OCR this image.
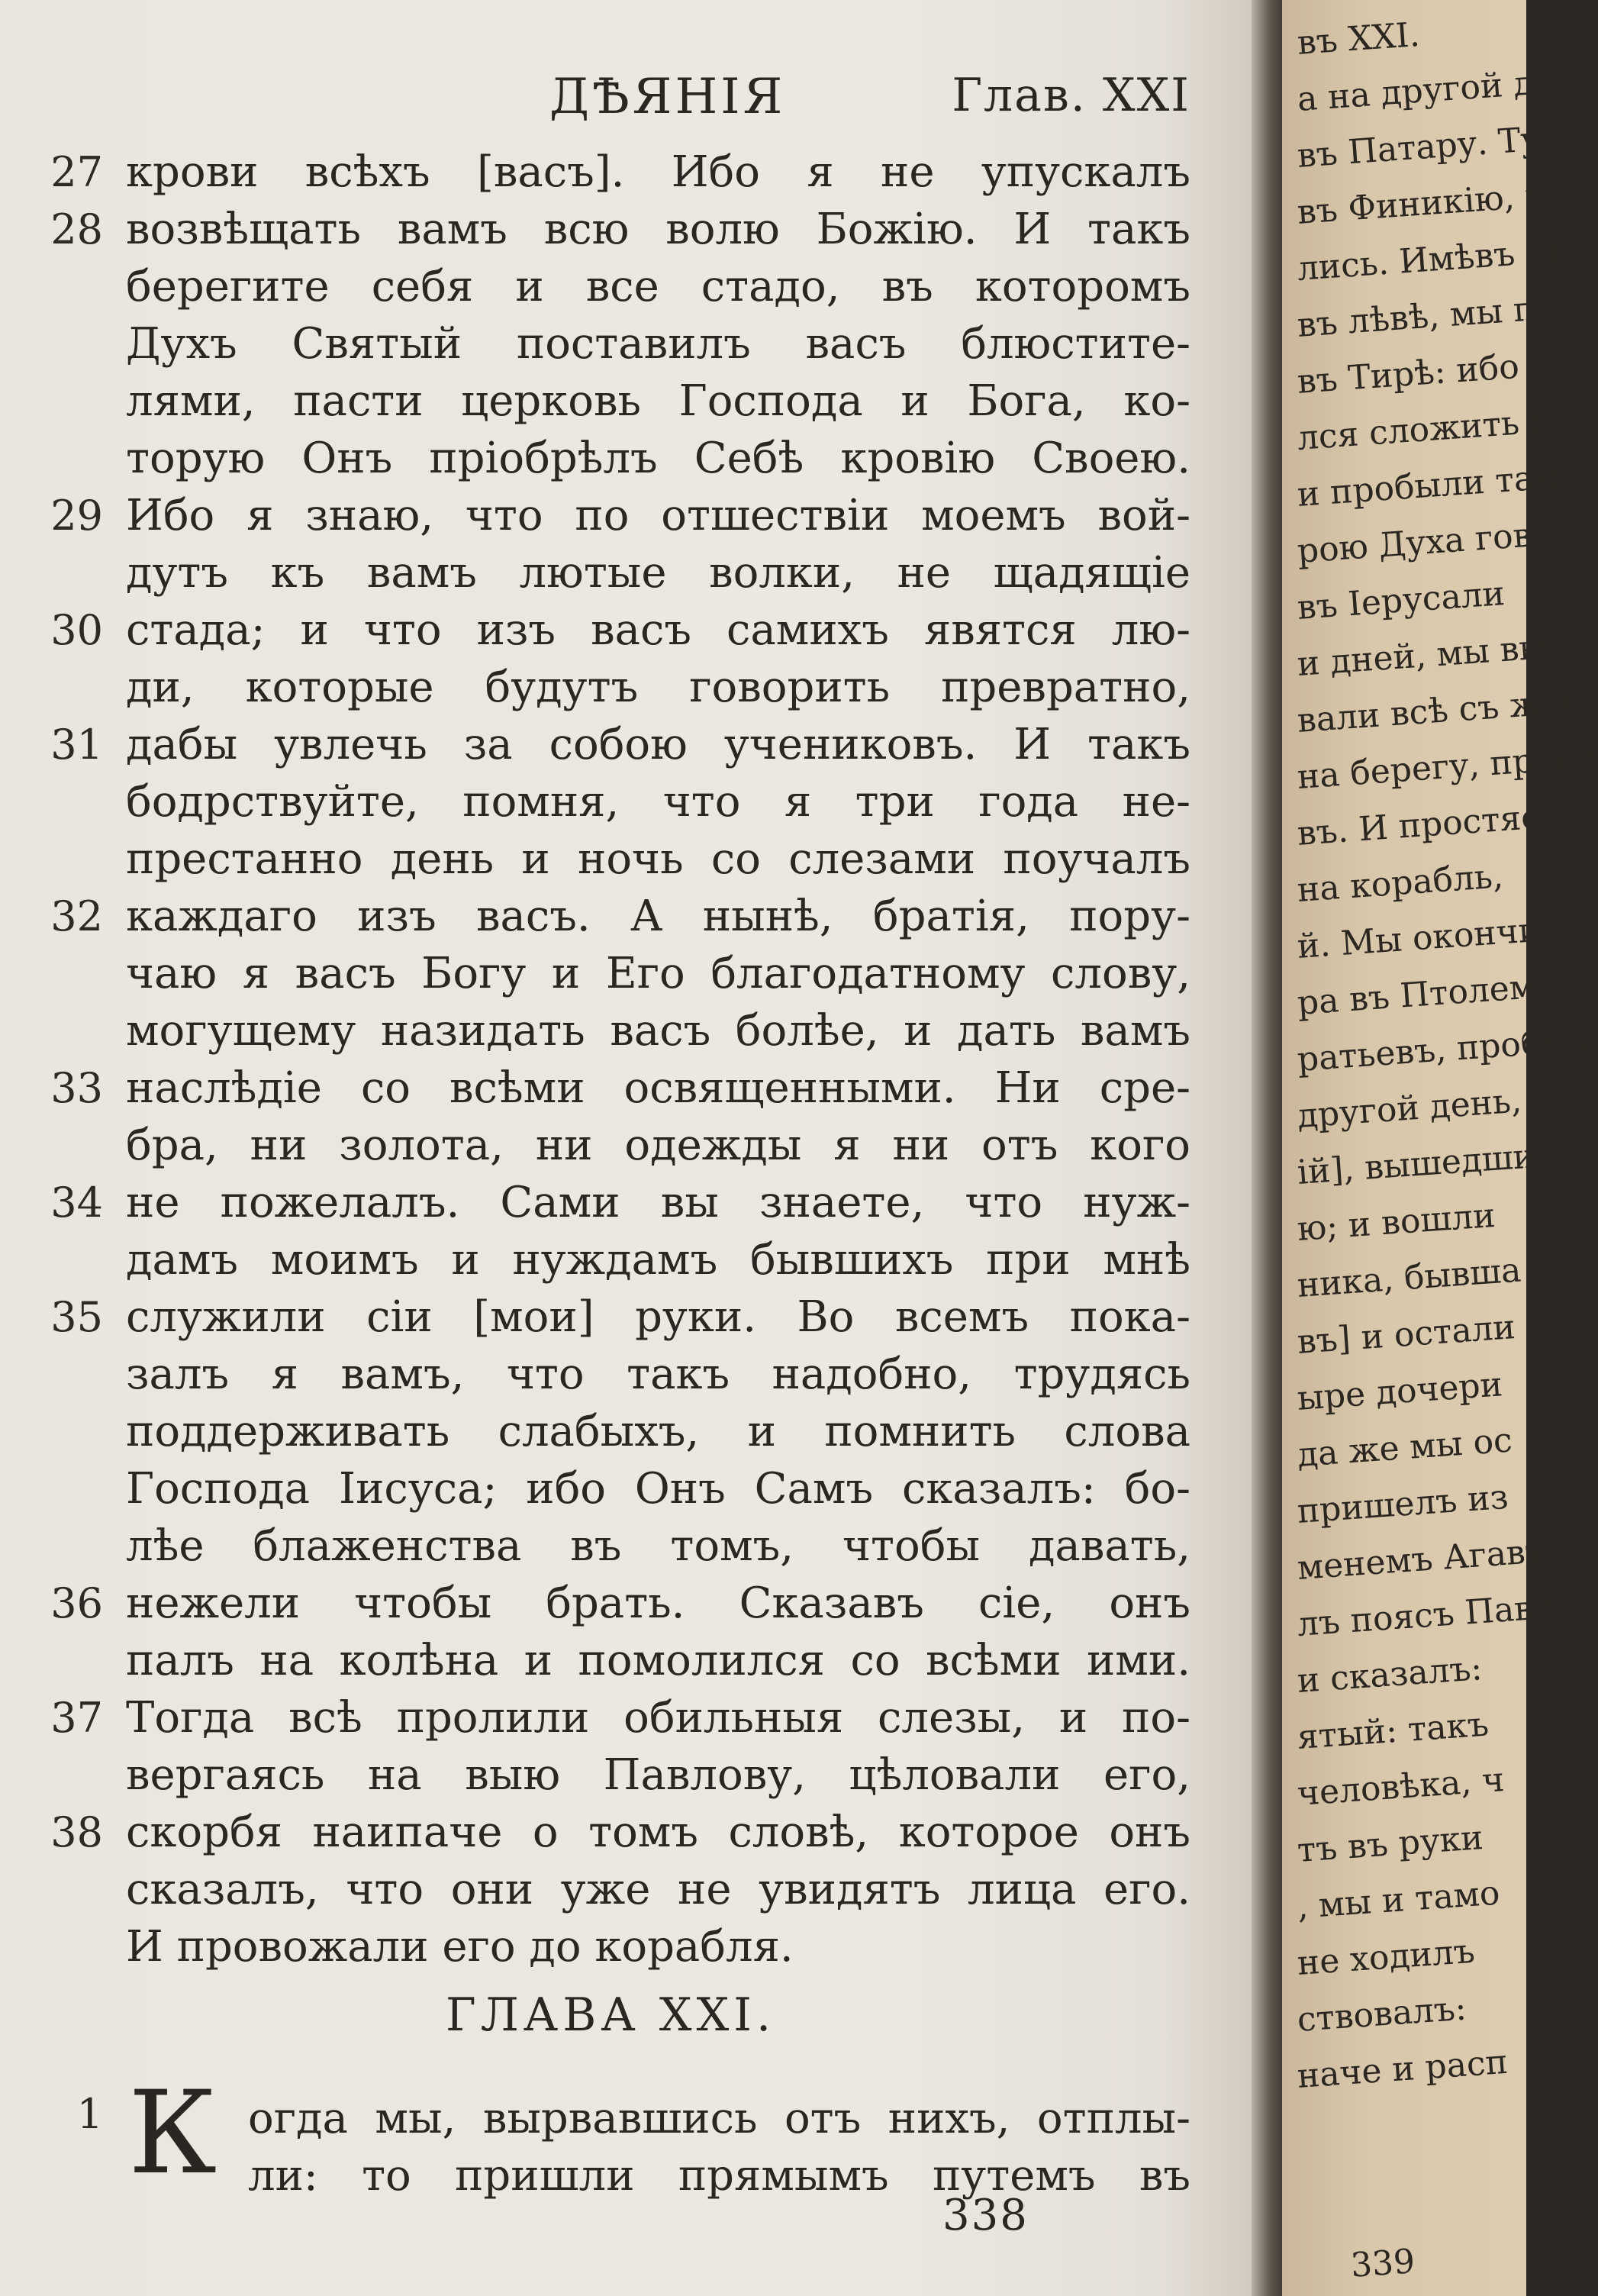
ДѢЯНІЯ	Глав. XXI
27 крови всѣхъ [васъ]. Ибо я не упускалъ
28 возвѣщать вамъ всю волю Божію. И такъ
берегите себя и все стадо, въ которомъ
Духъ Святый поставилъ васъ блюстите-
лями, пасти церковь Господа и Бога, ко-
торую Онъ пріобрѣлъ Себѣ кровію Своею.
29 Ибо я знаю, что по отшествіи моемъ вой-
дутъ къ вамъ лютые волки, не щадящіе
30 стада; и что изъ васъ самихъ явятся лю-
ди, которые будутъ говорить превратно,
31 дабы увлечь за собою учениковъ. И такъ
бодрствуйте, помня, что я три года не-
престанно день и ночь со слезами поучалъ
32 каждаго изъ васъ. А нынѣ, братія, пору-
чаю я васъ Богу и Его благодатному слову,
могущему назидать васъ болѣе, и дать вамъ
33 наслѣдіе со всѣми освященными. Ни сре-
бра, ни золота, ни одежды я ни отъ кого
34 не пожелалъ. Сами вы знаете, что нуж-
дамъ моимъ и нуждамъ бывшихъ при мнѣ
35 служили сіи [мои] руки. Во всемъ пока-
залъ я вамъ, что такъ надобно, трудясь
поддерживать слабыхъ, и помнить слова
Господа Іисуса; ибо Онъ Самъ сказалъ: бо-
лѣе блаженства въ томъ, чтобы давать,
36 нежели чтобы брать. Сказавъ сіе, онъ
палъ на колѣна и помолился со всѣми ими.
37 Тогда всѣ пролили обильныя слезы, и по-
вергаясь на выю Павлову, цѣловали его,
38 скорбя наипаче о томъ словѣ, которое онъ
сказалъ, что они уже не увидятъ лица его.
И провожали его до корабля.
ГЛАВА XXI.
1 К огда мы, вырвавшись отъ нихъ, отплы-
ли: то пришли прямымъ путемъ въ
338
въ XXI.
а на другой де
въ Патару. Ту
въ Финикію, м
лись. Имѣвъ въ
въ лѣвѣ, мы п
въ Тирѣ: ибо
лся сложить г
и пробыли тамъ
рою Духа говор
въ Іерусали
и дней, мы вы
вали всѣ съ жен
на берегу, прекл
въ. И простясь
на корабль,
й. Мы окончил
ра въ Птолема
ратьевъ, пробыл
другой день,
ій], вышедши
ю; и вошли
ника, бывша
въ] и остали
ыре дочери
да же мы ос
пришелъ из
менемъ Агавъ.
лъ поясъ Павл
и сказалъ:
ятый: такъ
человѣка, ч
тъ въ руки
, мы и тамо
не ходилъ
ствовалъ:
наче и расп
339
